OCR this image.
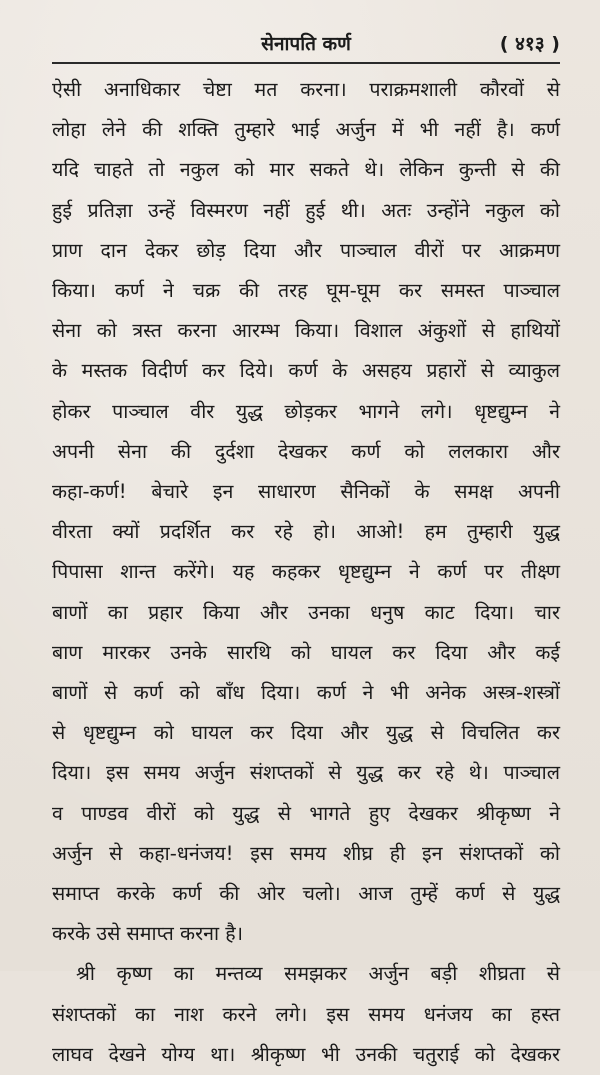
सेनापति कर्ण	( ४१३ )

ऐसी अनाधिकार चेष्टा मत करना। पराक्रमशाली कौरवों से

लोहा लेने की शक्ति तुम्हारे भाई अर्जुन में भी नहीं है। कर्ण

यदि चाहते तो नकुल को मार सकते थे। लेकिन कुन्ती से की

हुई प्रतिज्ञा उन्हें विस्मरण नहीं हुई थी। अतः उन्होंने नकुल को

प्राण दान देकर छोड़ दिया और पाञ्चाल वीरों पर आक्रमण

किया। कर्ण ने चक्र की तरह घूम-घूम कर समस्त पाञ्चाल

सेना को त्रस्त करना आरम्भ किया। विशाल अंकुशों से हाथियों

के मस्तक विदीर्ण कर दिये। कर्ण के असहय प्रहारों से व्याकुल

होकर पाञ्चाल वीर युद्ध छोड़कर भागने लगे। धृष्टद्युम्न ने

अपनी सेना की दुर्दशा देखकर कर्ण को ललकारा और

कहा-कर्ण! बेचारे इन साधारण सैनिकों के समक्ष अपनी

वीरता क्यों प्रदर्शित कर रहे हो। आओ! हम तुम्हारी युद्ध

पिपासा शान्त करेंगे। यह कहकर धृष्टद्युम्न ने कर्ण पर तीक्ष्ण

बाणों का प्रहार किया और उनका धनुष काट दिया। चार

बाण मारकर उनके सारथि को घायल कर दिया और कई

बाणों से कर्ण को बाँध दिया। कर्ण ने भी अनेक अस्त्र-शस्त्रों

से धृष्टद्युम्न को घायल कर दिया और युद्ध से विचलित कर

दिया। इस समय अर्जुन संशप्तकों से युद्ध कर रहे थे। पाञ्चाल

व पाण्डव वीरों को युद्ध से भागते हुए देखकर श्रीकृष्ण ने

अर्जुन से कहा-धनंजय! इस समय शीघ्र ही इन संशप्तकों को

समाप्त करके कर्ण की ओर चलो। आज तुम्हें कर्ण से युद्ध

करके उसे समाप्त करना है।

श्री कृष्ण का मन्तव्य समझकर अर्जुन बड़ी शीघ्रता से

संशप्तकों का नाश करने लगे। इस समय धनंजय का हस्त

लाघव देखने योग्य था। श्रीकृष्ण भी उनकी चतुराई को देखकर
